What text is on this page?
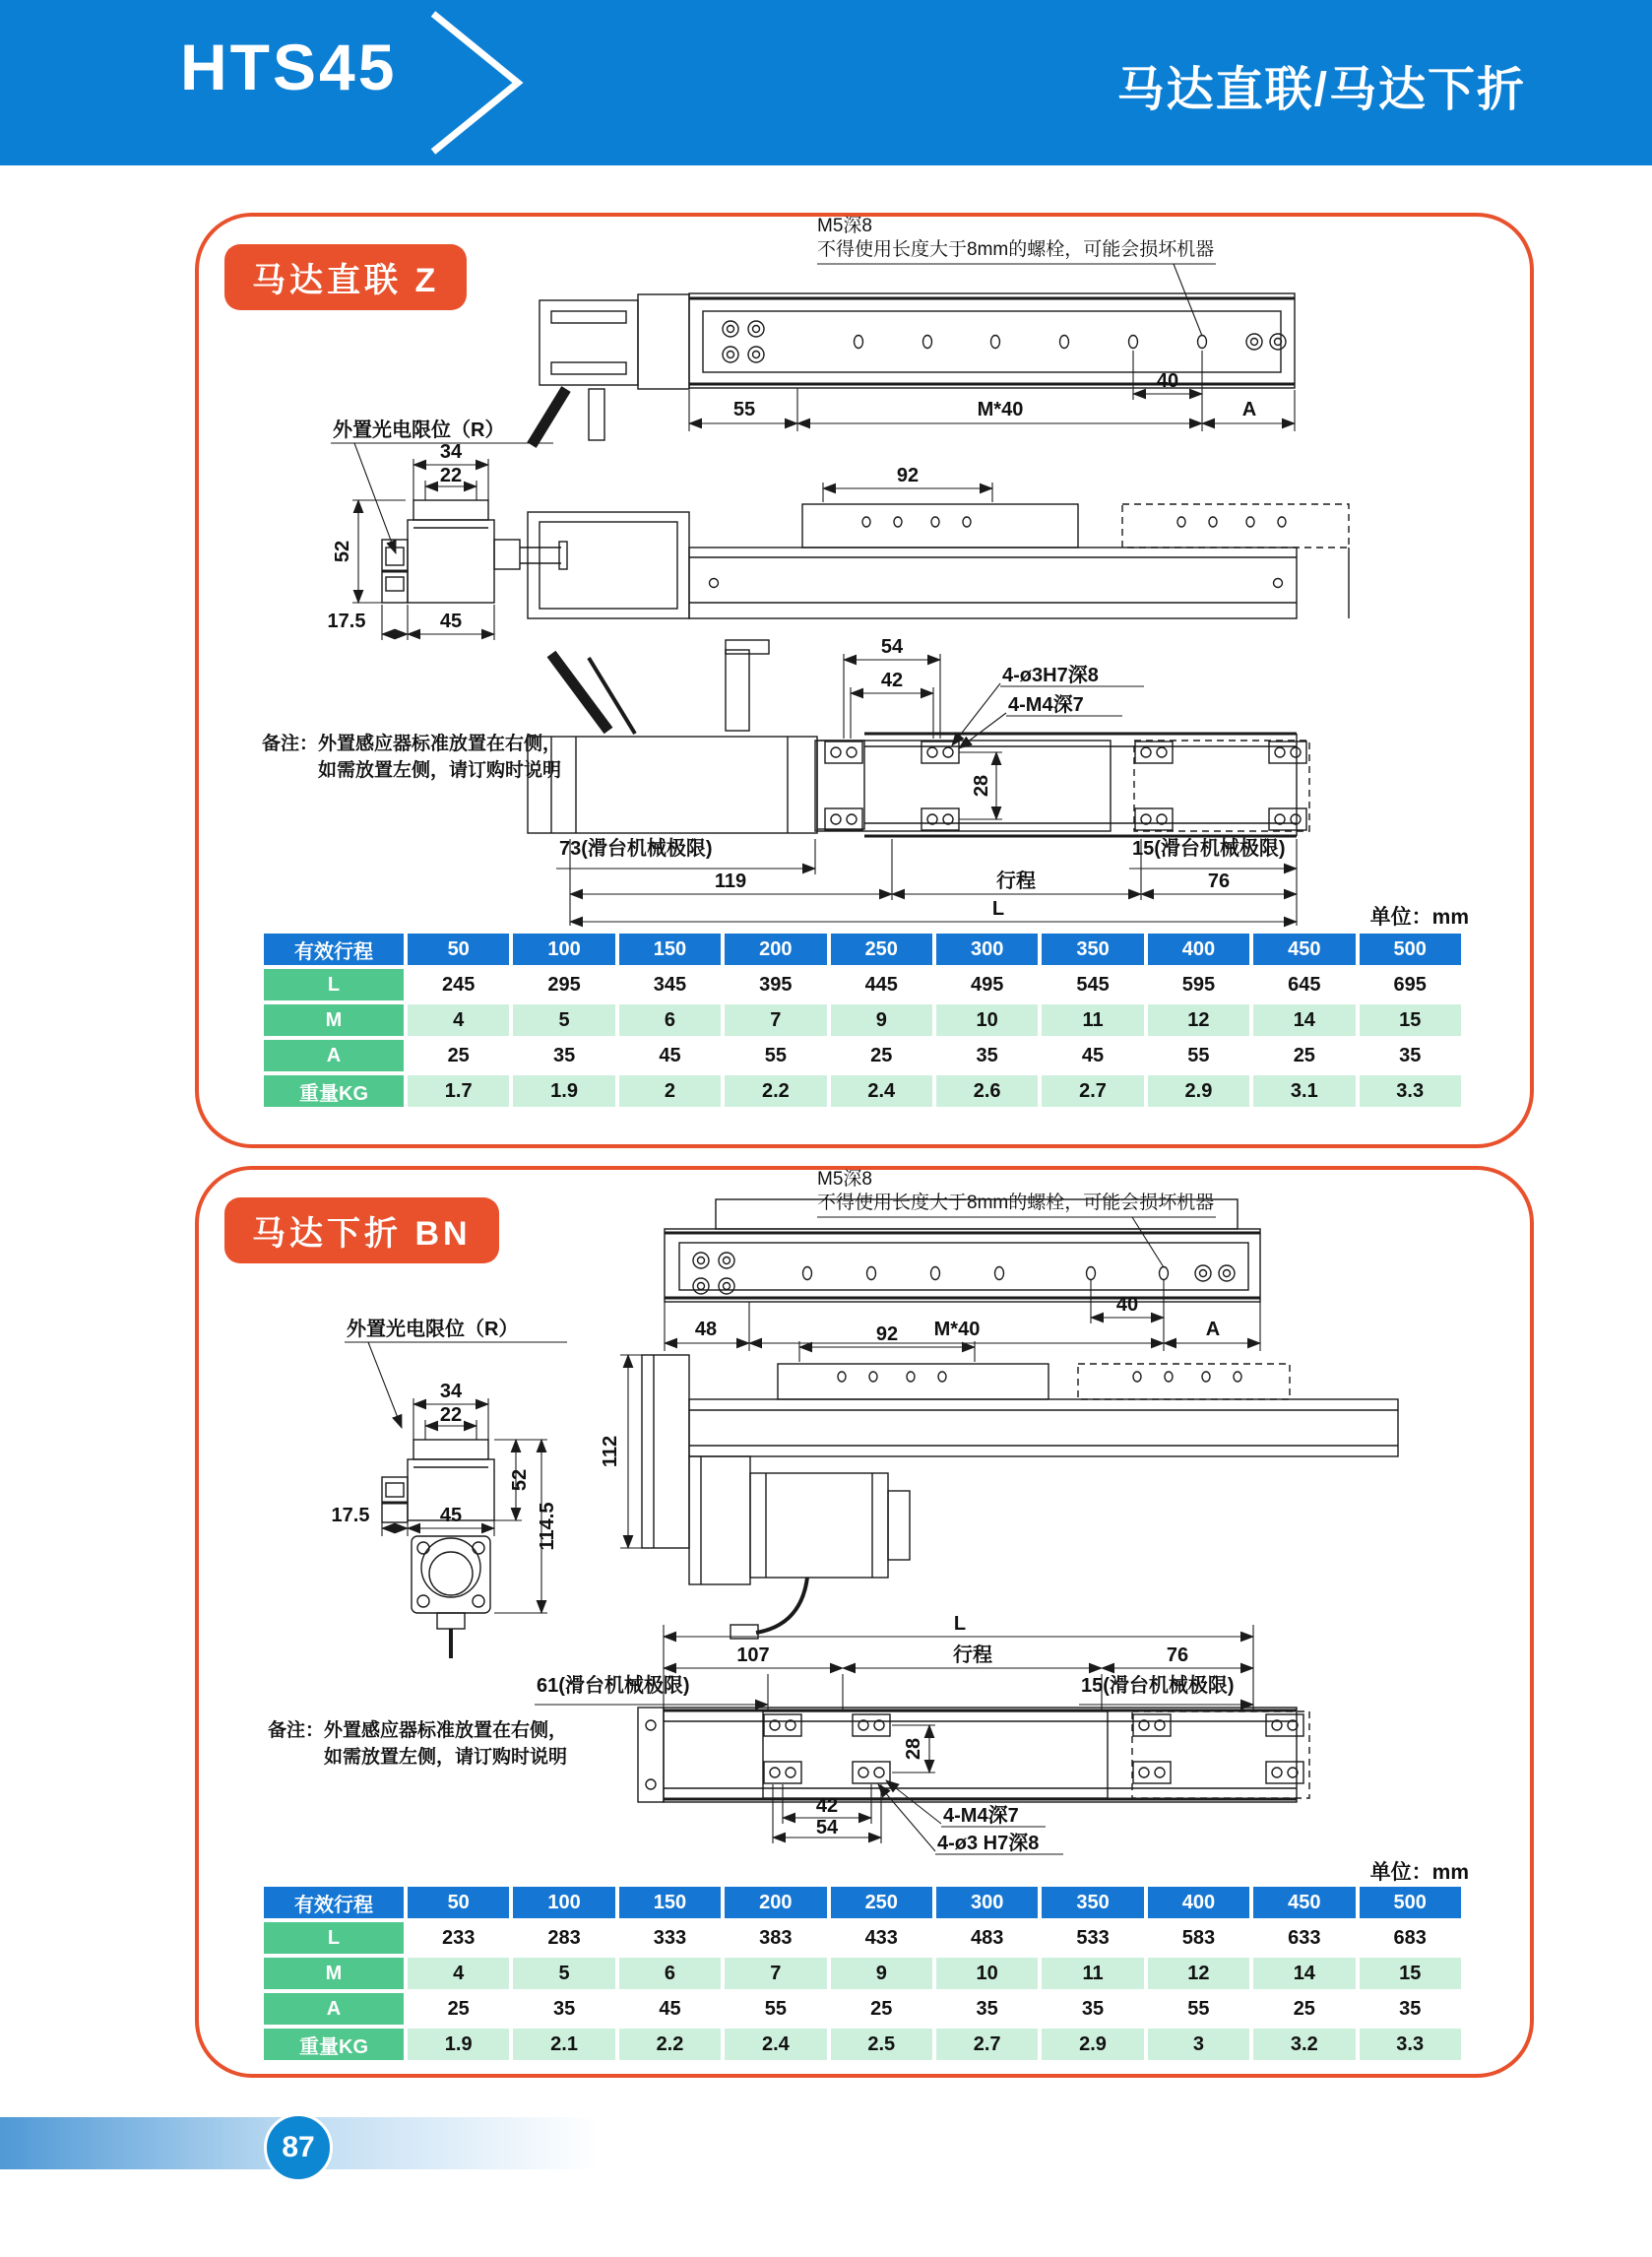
HTS45	马达直联/马达下折
马达直联 Z
马达下折 BN
M5深8
不得使用长度大于8mm的螺栓，可能会损坏机器
M5深8
不得使用长度大于8mm的螺栓，可能会损坏机器
备注： 外置感应器标准放置在右侧，
如需放置左侧，请订购时说明
备注： 外置感应器标准放置在右侧，
如需放置左侧，请订购时说明
40
55	M*40	A
外置光电限位（R）
34
22
52
17.5	45
92
28
54
42	4-ø3H7深8
4-M4深7
73(滑台机械极限)	15(滑台机械极限)
119	行程	76
L	单位：mm
40
48	M*40	A
外置光电限位（R）
34
22
52
114.5
17.5	45
92
112
L
107	行程	76
61(滑台机械极限)	15(滑台机械极限)
28
42
54
4-M4深7
4-ø3 H7深8
单位：mm
有效行程	50	100	150	200	250	300	350	400	450	500
L	245	295	345	395	445	495	545	595	645	695
M	4	5	6	7	9	10	11	12	14	15
A	25	35	45	55	25	35	45	55	25	35
重量KG	1.7	1.9	2	2.2	2.4	2.6	2.7	2.9	3.1	3.3
有效行程	50	100	150	200	250	300	350	400	450	500
L	233	283	333	383	433	483	533	583	633	683
M	4	5	6	7	9	10	11	12	14	15
A	25	35	45	55	25	35	35	55	25	35
重量KG	1.9	2.1	2.2	2.4	2.5	2.7	2.9	3	3.2	3.3
87
